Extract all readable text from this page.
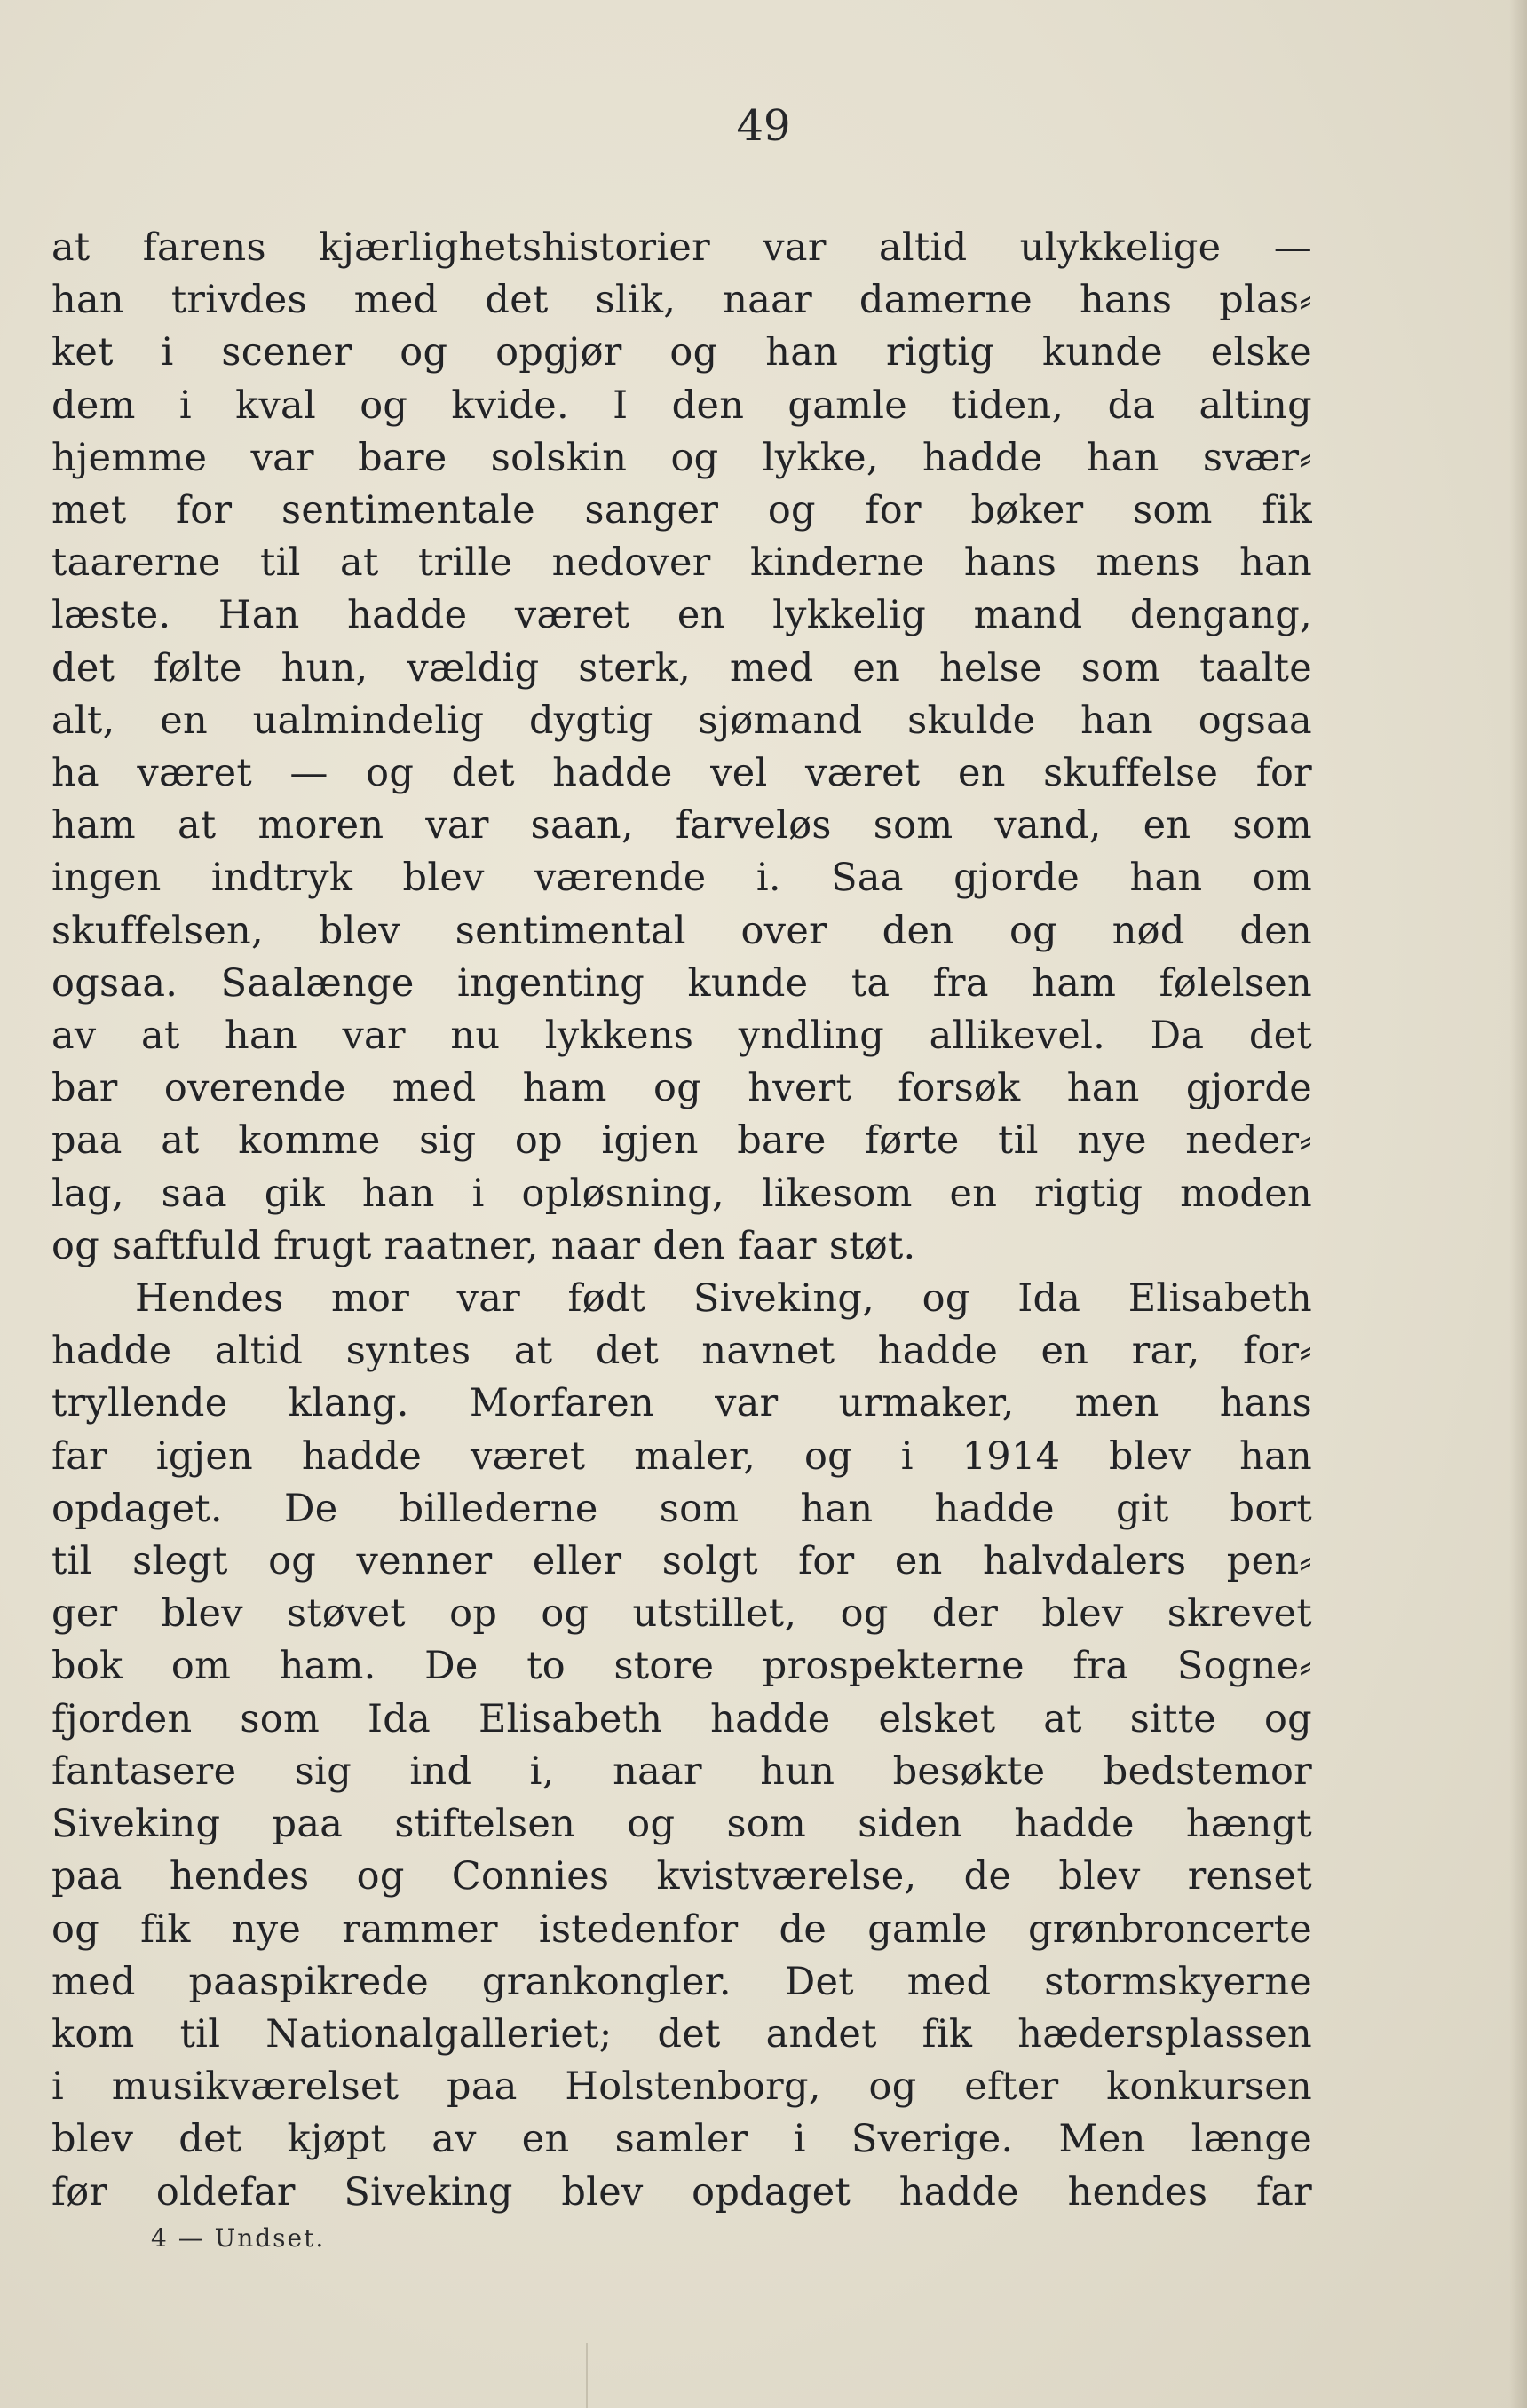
49
at farens kjærlighetshistorier var altid ulykkelige —
han trivdes med det slik, naar damerne hans plas⸗
ket i scener og opgjør og han rigtig kunde elske
dem i kval og kvide. I den gamle tiden, da alting
hjemme var bare solskin og lykke, hadde han svær⸗
met for sentimentale sanger og for bøker som fik
taarerne til at trille nedover kinderne hans mens han
læste. Han hadde været en lykkelig mand dengang,
det følte hun, vældig sterk, med en helse som taalte
alt, en ualmindelig dygtig sjømand skulde han ogsaa
ha været — og det hadde vel været en skuffelse for
ham at moren var saan, farveløs som vand, en som
ingen indtryk blev værende i. Saa gjorde han om
skuffelsen, blev sentimental over den og nød den
ogsaa. Saalænge ingenting kunde ta fra ham følelsen
av at han var nu lykkens yndling allikevel. Da det
bar overende med ham og hvert forsøk han gjorde
paa at komme sig op igjen bare førte til nye neder⸗
lag, saa gik han i opløsning, likesom en rigtig moden
og saftfuld frugt raatner, naar den faar støt.
Hendes mor var født Siveking, og Ida Elisabeth
hadde altid syntes at det navnet hadde en rar, for⸗
tryllende klang. Morfaren var urmaker, men hans
far igjen hadde været maler, og i 1914 blev han
opdaget. De billederne som han hadde git bort
til slegt og venner eller solgt for en halvdalers pen⸗
ger blev støvet op og utstillet, og der blev skrevet
bok om ham. De to store prospekterne fra Sogne⸗
fjorden som Ida Elisabeth hadde elsket at sitte og
fantasere sig ind i, naar hun besøkte bedstemor
Siveking paa stiftelsen og som siden hadde hængt
paa hendes og Connies kvistværelse, de blev renset
og fik nye rammer istedenfor de gamle grønbroncerte
med paaspikrede grankongler. Det med stormskyerne
kom til Nationalgalleriet; det andet fik hædersplassen
i musikværelset paa Holstenborg, og efter konkursen
blev det kjøpt av en samler i Sverige. Men længe
før oldefar Siveking blev opdaget hadde hendes far
4 — Undset.
